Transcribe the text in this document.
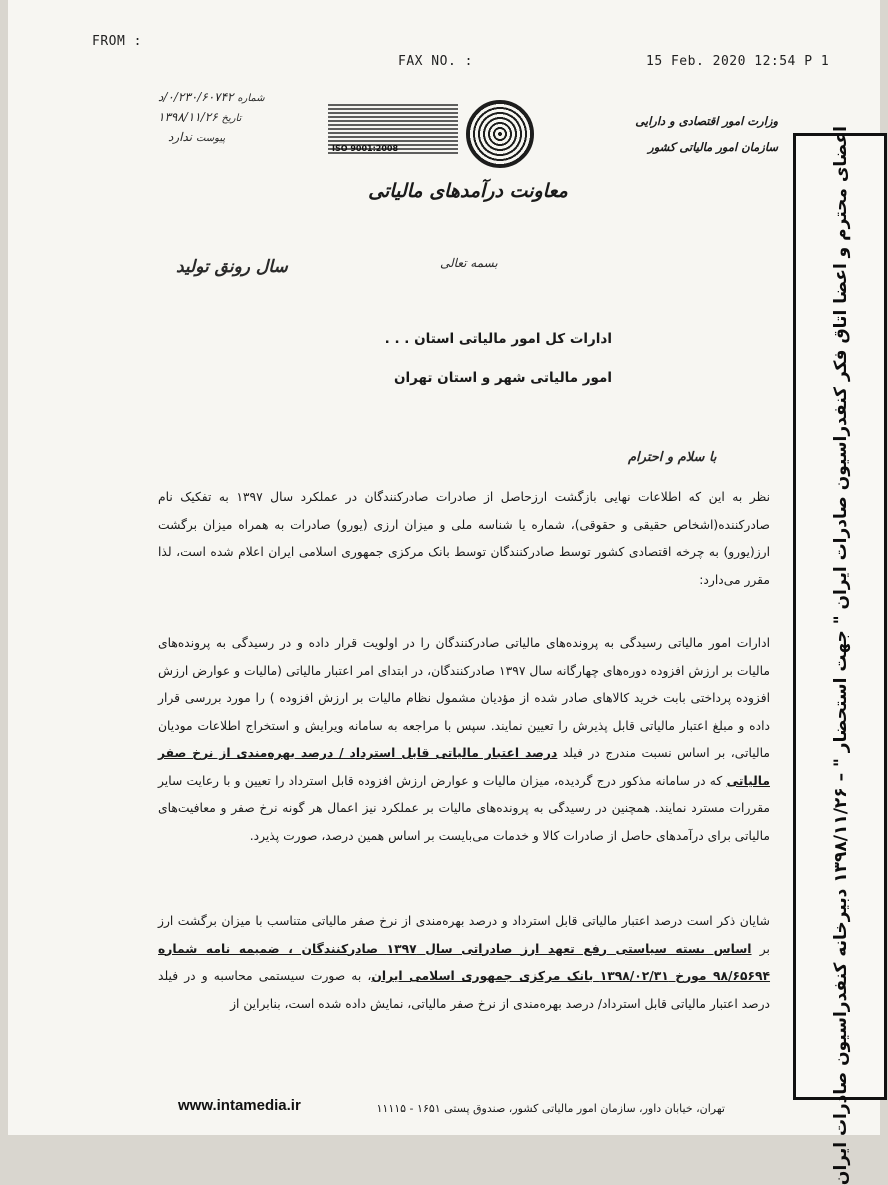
FROM :
FAX NO. :	15 Feb. 2020 12:54 P 1
شماره ۰/۲۳۰/۶۰۷۴۲/د
تاریخ ۱۳۹۸/۱۱/۲۶
پیوست ندارد
ISO 9001:2008
وزارت امور اقتصادی و دارایی
سازمان امور مالیاتی کشور
معاونت درآمدهای مالیاتی
بسمه تعالی
سال رونق تولید
ادارات کل امور مالیاتی استان . . .
امور مالیاتی شهر و استان تهران
با سلام و احترام

نظر به این که اطلاعات نهایی بازگشت ارزحاصل از صادرات صادرکنندگان در عملکرد سال ۱۳۹۷ به تفکیک نام صادرکننده(اشخاص حقیقی و حقوقی)، شماره یا شناسه ملی و میزان ارزی (یورو) صادرات به همراه میزان برگشت ارز(یورو) به چرخه اقتصادی کشور توسط صادرکنندگان توسط بانک مرکزی جمهوری اسلامی ایران اعلام شده است، لذا مقرر می‌دارد:

ادارات امور مالیاتی رسیدگی به پرونده‌های مالیاتی صادرکنندگان را در اولویت قرار داده و در رسیدگی به پرونده‌های مالیات بر ارزش افزوده دوره‌های چهارگانه سال ۱۳۹۷ صادرکنندگان، در ابتدای امر اعتبار مالیاتی (مالیات و عوارض ارزش افزوده پرداختی بابت خرید کالاهای صادر شده از مؤدیان مشمول نظام مالیات بر ارزش افزوده ) را مورد بررسی قرار داده و مبلغ اعتبار مالیاتی قابل پذیرش را تعیین نمایند. سپس با مراجعه به سامانه ویرایش و استخراج اطلاعات مودیان مالیاتی، بر اساس نسبت مندرج در فیلد درصد اعتبار مالیاتی قابل استرداد / درصد بهره‌مندی از نرخ صفر مالیاتی که در سامانه مذکور درج گردیده، میزان مالیات و عوارض ارزش افزوده قابل استرداد را تعیین و با رعایت سایر مقررات مسترد نمایند. همچنین در رسیدگی به پرونده‌های مالیات بر عملکرد نیز اعمال هر گونه نرخ صفر و معافیت‌های مالیاتی برای درآمدهای حاصل از صادرات کالا و خدمات می‌بایست بر اساس همین درصد، صورت پذیرد.

شایان ذکر است درصد اعتبار مالیاتی قابل استرداد و درصد بهره‌مندی از نرخ صفر مالیاتی متناسب با میزان برگشت ارز بر اساس بسته سیاستی رفع تعهد ارز صادراتی سال ۱۳۹۷ صادرکنندگان ، ضمیمه نامه شماره ۹۸/۶۵۶۹۴ مورخ ۱۳۹۸/۰۲/۳۱ بانک مرکزی جمهوری اسلامی ایران، به صورت سیستمی محاسبه و در فیلد درصد اعتبار مالیاتی قابل استرداد/ درصد بهره‌مندی از نرخ صفر مالیاتی، نمایش داده شده است، بنابراین از	اعضای محترم و اعضا اتاق فکر کنفدراسیون صادرات ایران " جهت استحضار " – ۱۳۹۸/۱۱/۲۶ دبیرخانه کنفدراسیون صادرات ایران
تهران، خیابان داور، سازمان امور مالیاتی کشور، صندوق پستی ۱۶۵۱ - ۱۱۱۱۵
www.intamedia.ir
